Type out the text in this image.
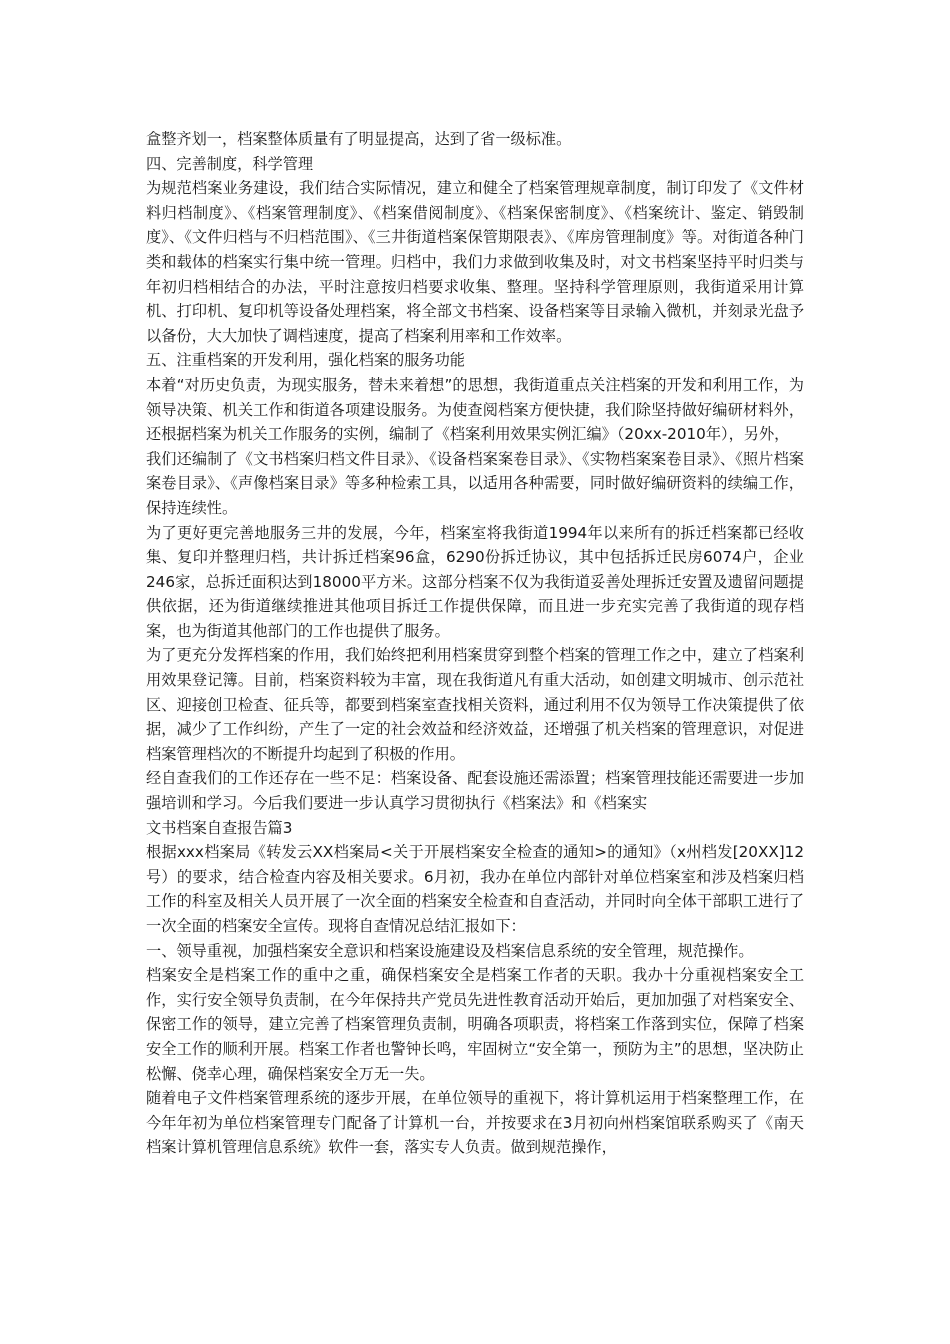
盒整齐划一，档案整体质量有了明显提高，达到了省一级标准。

四、完善制度，科学管理

为规范档案业务建设，我们结合实际情况，建立和健全了档案管理规章制度，制订印发了《文件材料归档制度》、《档案管理制度》、《档案借阅制度》、《档案保密制度》、《档案统计、鉴定、销毁制度》、《文件归档与不归档范围》、《三井街道档案保管期限表》、《库房管理制度》等。对街道各种门类和载体的档案实行集中统一管理。归档中，我们力求做到收集及时，对文书档案坚持平时归类与年初归档相结合的办法，平时注意按归档要求收集、整理。坚持科学管理原则，我街道采用计算机、打印机、复印机等设备处理档案，将全部文书档案、设备档案等目录输入微机，并刻录光盘予以备份，大大加快了调档速度，提高了档案利用率和工作效率。

五、注重档案的开发利用，强化档案的服务功能

本着“对历史负责，为现实服务，替未来着想”的思想，我街道重点关注档案的开发和利用工作，为领导决策、机关工作和街道各项建设服务。为使查阅档案方便快捷，我们除坚持做好编研材料外，还根据档案为机关工作服务的实例，编制了《档案利用效果实例汇编》（20xx-2010年），另外，

我们还编制了《文书档案归档文件目录》、《设备档案案卷目录》、《实物档案案卷目录》、《照片档案案卷目录》、《声像档案目录》等多种检索工具，以适用各种需要，同时做好编研资料的续编工作，保持连续性。

为了更好更完善地服务三井的发展，今年，档案室将我街道1994年以来所有的拆迁档案都已经收集、复印并整理归档，共计拆迁档案96盒，6290份拆迁协议，其中包括拆迁民房6074户，企业246家，总拆迁面积达到18000平方米。这部分档案不仅为我街道妥善处理拆迁安置及遗留问题提供依据，还为街道继续推进其他项目拆迁工作提供保障，而且进一步充实完善了我街道的现存档案，也为街道其他部门的工作也提供了服务。

为了更充分发挥档案的作用，我们始终把利用档案贯穿到整个档案的管理工作之中，建立了档案利用效果登记簿。目前，档案资料较为丰富，现在我街道凡有重大活动，如创建文明城市、创示范社区、迎接创卫检查、征兵等，都要到档案室查找相关资料，通过利用不仅为领导工作决策提供了依据，减少了工作纠纷，产生了一定的社会效益和经济效益，还增强了机关档案的管理意识，对促进档案管理档次的不断提升均起到了积极的作用。

经自查我们的工作还存在一些不足：档案设备、配套设施还需添置；档案管理技能还需要进一步加强培训和学习。今后我们要进一步认真学习贯彻执行《档案法》和《档案实

文书档案自查报告篇3

根据xxx档案局《转发云XX档案局<关于开展档案安全检查的通知>的通知》（x州档发[20XX]12号）的要求，结合检查内容及相关要求。6月初，我办在单位内部针对单位档案室和涉及档案归档工作的科室及相关人员开展了一次全面的档案安全检查和自查活动，并同时向全体干部职工进行了一次全面的档案安全宣传。现将自查情况总结汇报如下：

一、领导重视，加强档案安全意识和档案设施建设及档案信息系统的安全管理，规范操作。

档案安全是档案工作的重中之重，确保档案安全是档案工作者的天职。我办十分重视档案安全工作，实行安全领导负责制，在今年保持共产党员先进性教育活动开始后，更加加强了对档案安全、保密工作的领导，建立完善了档案管理负责制，明确各项职责，将档案工作落到实位，保障了档案安全工作的顺利开展。档案工作者也警钟长鸣，牢固树立“安全第一，预防为主”的思想，坚决防止松懈、侥幸心理，确保档案安全万无一失。

随着电子文件档案管理系统的逐步开展，在单位领导的重视下，将计算机运用于档案整理工作，在今年年初为单位档案管理专门配备了计算机一台，并按要求在3月初向州档案馆联系购买了《南天档案计算机管理信息系统》软件一套，落实专人负责。做到规范操作，
